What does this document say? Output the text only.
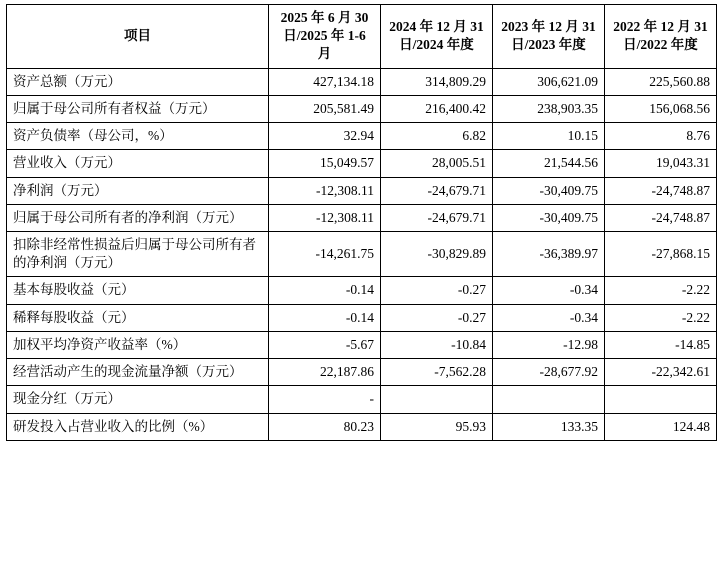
项目	2025 年 6 月 30 日/2025 年 1-6 月	2024 年 12 月 31 日/2024 年度	2023 年 12 月 31 日/2023 年度	2022 年 12 月 31 日/2022 年度
资产总额（万元）	427,134.18	314,809.29	306,621.09	225,560.88
归属于母公司所有者权益（万元）	205,581.49	216,400.42	238,903.35	156,068.56
资产负债率（母公司，%）	32.94	6.82	10.15	8.76
营业收入（万元）	15,049.57	28,005.51	21,544.56	19,043.31
净利润（万元）	-12,308.11	-24,679.71	-30,409.75	-24,748.87
归属于母公司所有者的净利润（万元）	-12,308.11	-24,679.71	-30,409.75	-24,748.87
扣除非经常性损益后归属于母公司所有者的净利润（万元）	-14,261.75	-30,829.89	-36,389.97	-27,868.15
基本每股收益（元）	-0.14	-0.27	-0.34	-2.22
稀释每股收益（元）	-0.14	-0.27	-0.34	-2.22
加权平均净资产收益率（%）	-5.67	-10.84	-12.98	-14.85
经营活动产生的现金流量净额（万元）	22,187.86	-7,562.28	-28,677.92	-22,342.61
现金分红（万元）	-			
研发投入占营业收入的比例（%）	80.23	95.93	133.35	124.48
